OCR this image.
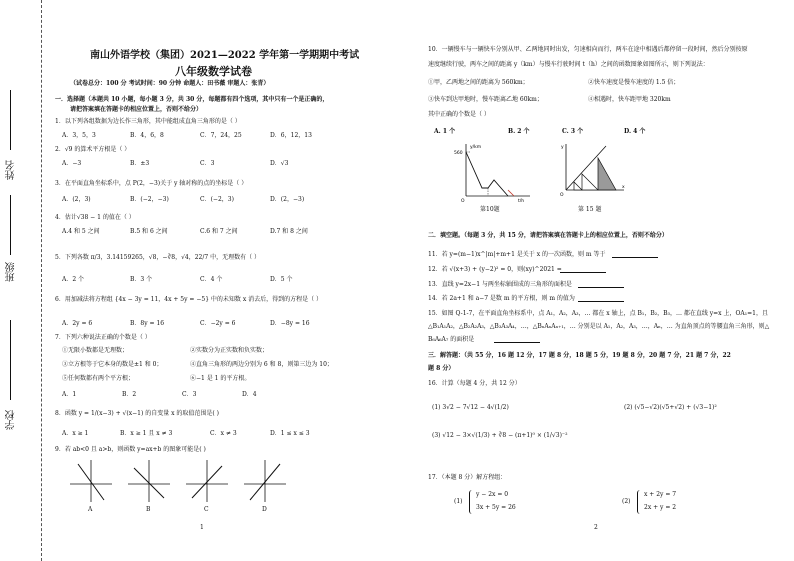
姓名
班级
学校
南山外语学校（集团）2021—2022 学年第一学期期中考试
八年级数学试卷
（试卷总分：100 分 考试时间：90 分钟 命题人：田书薇 审题人：张青）
一．选择题（本题共 10 小题，每小题 3 分，共 30 分，每题都有四个选项，其中只有一个是正确的，
请把答案填在答题卡的相应位置上，否则不给分）
1．以下列各组数据为边长作三角形，其中能组成直角三角形的是（ ）
A．3，5，3	B．4，6，8	C．7，24，25	D．6，12，13
2．√9 的算术平方根是（ ）
A．−3	B．±3	C．3	D．√3
3．在平面直角坐标系中，点 P(2，−3)关于 y 轴对称的点的坐标是（ ）
A．(2，3)	B．(−2，−3)	C．(−2，3)	D．(2，−3)
4．估计√38 − 1 的值在（ ）
A.4 和 5 之间	B.5 和 6 之间	C.6 和 7 之间	D.7 和 8 之间
5．下列各数 π/3，3.14159265，√8，−∛8，√4，22/7 中，无理数有（ ）
A．2 个	B．3 个	C．4 个	D．5 个
6．用加减法将方程组 {4x − 3y = 11，4x + 5y = −5} 中的未知数 x 消去后，得到的方程是（ ）
A．2y = 6	B．8y = 16	C．−2y = 6	D．−8y = 16
7．下列六种说法正确的个数是（ ）
①无限小数都是无理数；	②实数分为正实数和负实数；
③立方根等于它本身的数是±1 和 0；	④直角三角形的两边分别为 6 和 8，则第三边为 10；
⑤任何数都有两个平方根；	⑥−1 是 1 的平方根。
A．1	B．2	C．3	D．4
8．函数 y = 1/(x−3) + √(x−1) 的自变量 x 的取值范围是( )
A．x ≥ 1	B．x ≥ 1 且 x ≠ 3	C．x ≠ 3	D．1 ≤ x ≤ 3
9．若 ab<0 且 a>b，则函数 y=ax+b 的图象可能是( )
A	B	C	D
1
10．一辆慢车与一辆快车分别从甲、乙两地同时出发，匀速相向而行，两车在途中相遇后都停留一段时间，然后分别按原
速度继续行驶，两车之间的距离 y（km）与慢车行驶时间 t（h）之间的函数图象如图所示，则下列说法：
①甲，乙两地之间的距离为 560km；	②快车速度是慢车速度的 1.5 倍；
③快车到达甲地时，慢车距离乙地 60km；	④相遇时，快车距甲地 320km
其中正确的个数是（ ）
A. 1 个	B. 2 个	C. 3 个	D. 4 个
y/km
560
O	t/h
第10题
y
O
x
第 15 题
二．填空题。（每题 3 分，共 15 分，请把答案填在答题卡上的相应位置上，否则不给分）
11．若 y=(m−1)x^|m|+m+1 是关于 x 的一次函数，则 m 等于
12．若 √(x+3) + (y−2)² = 0，则(xy)^2021 =
13．直线 y=2x−1 与两坐标轴围成的三角形的面积是
14．若 2a+1 和 a−7 是数 m 的平方根，则 m 的值为
15．如图 Q-1-7，在平面直角坐标系中，点 A₁，A₂，A₃，… 都在 x 轴上，点 B₁，B₂，B₃，… 都在直线 y=x 上，OA₁=1，且
△B₁A₁A₂，△B₂A₂A₃，△B₃A₃A₄，…，△BₙAₙAₙ₊₁，… 分别是以 A₁，A₂，A₃，…，Aₙ，… 为直角顶点的等腰直角三角形，则△
B₆A₆A₇ 的面积是
三．解答题：（共 55 分，16 题 12 分，17 题 8 分，18 题 5 分，19 题 8 分，20 题 7 分，21 题 7 分，22
题 8 分）
16．计算（每题 4 分，共 12 分）
(1) 3√2 − 7√12 − 4√(1/2)	(2) (√5−√2)(√5+√2) + (√3−1)²
(3) √12 − 3×√(1/3) + ∛8 − (π+1)⁰ × (1/√3)⁻²
17．（本题 8 分）解方程组：
(1)
y − 2x = 0
3x + 5y = 26
(2)
x + 2y = 7
2x + y = 2
2
